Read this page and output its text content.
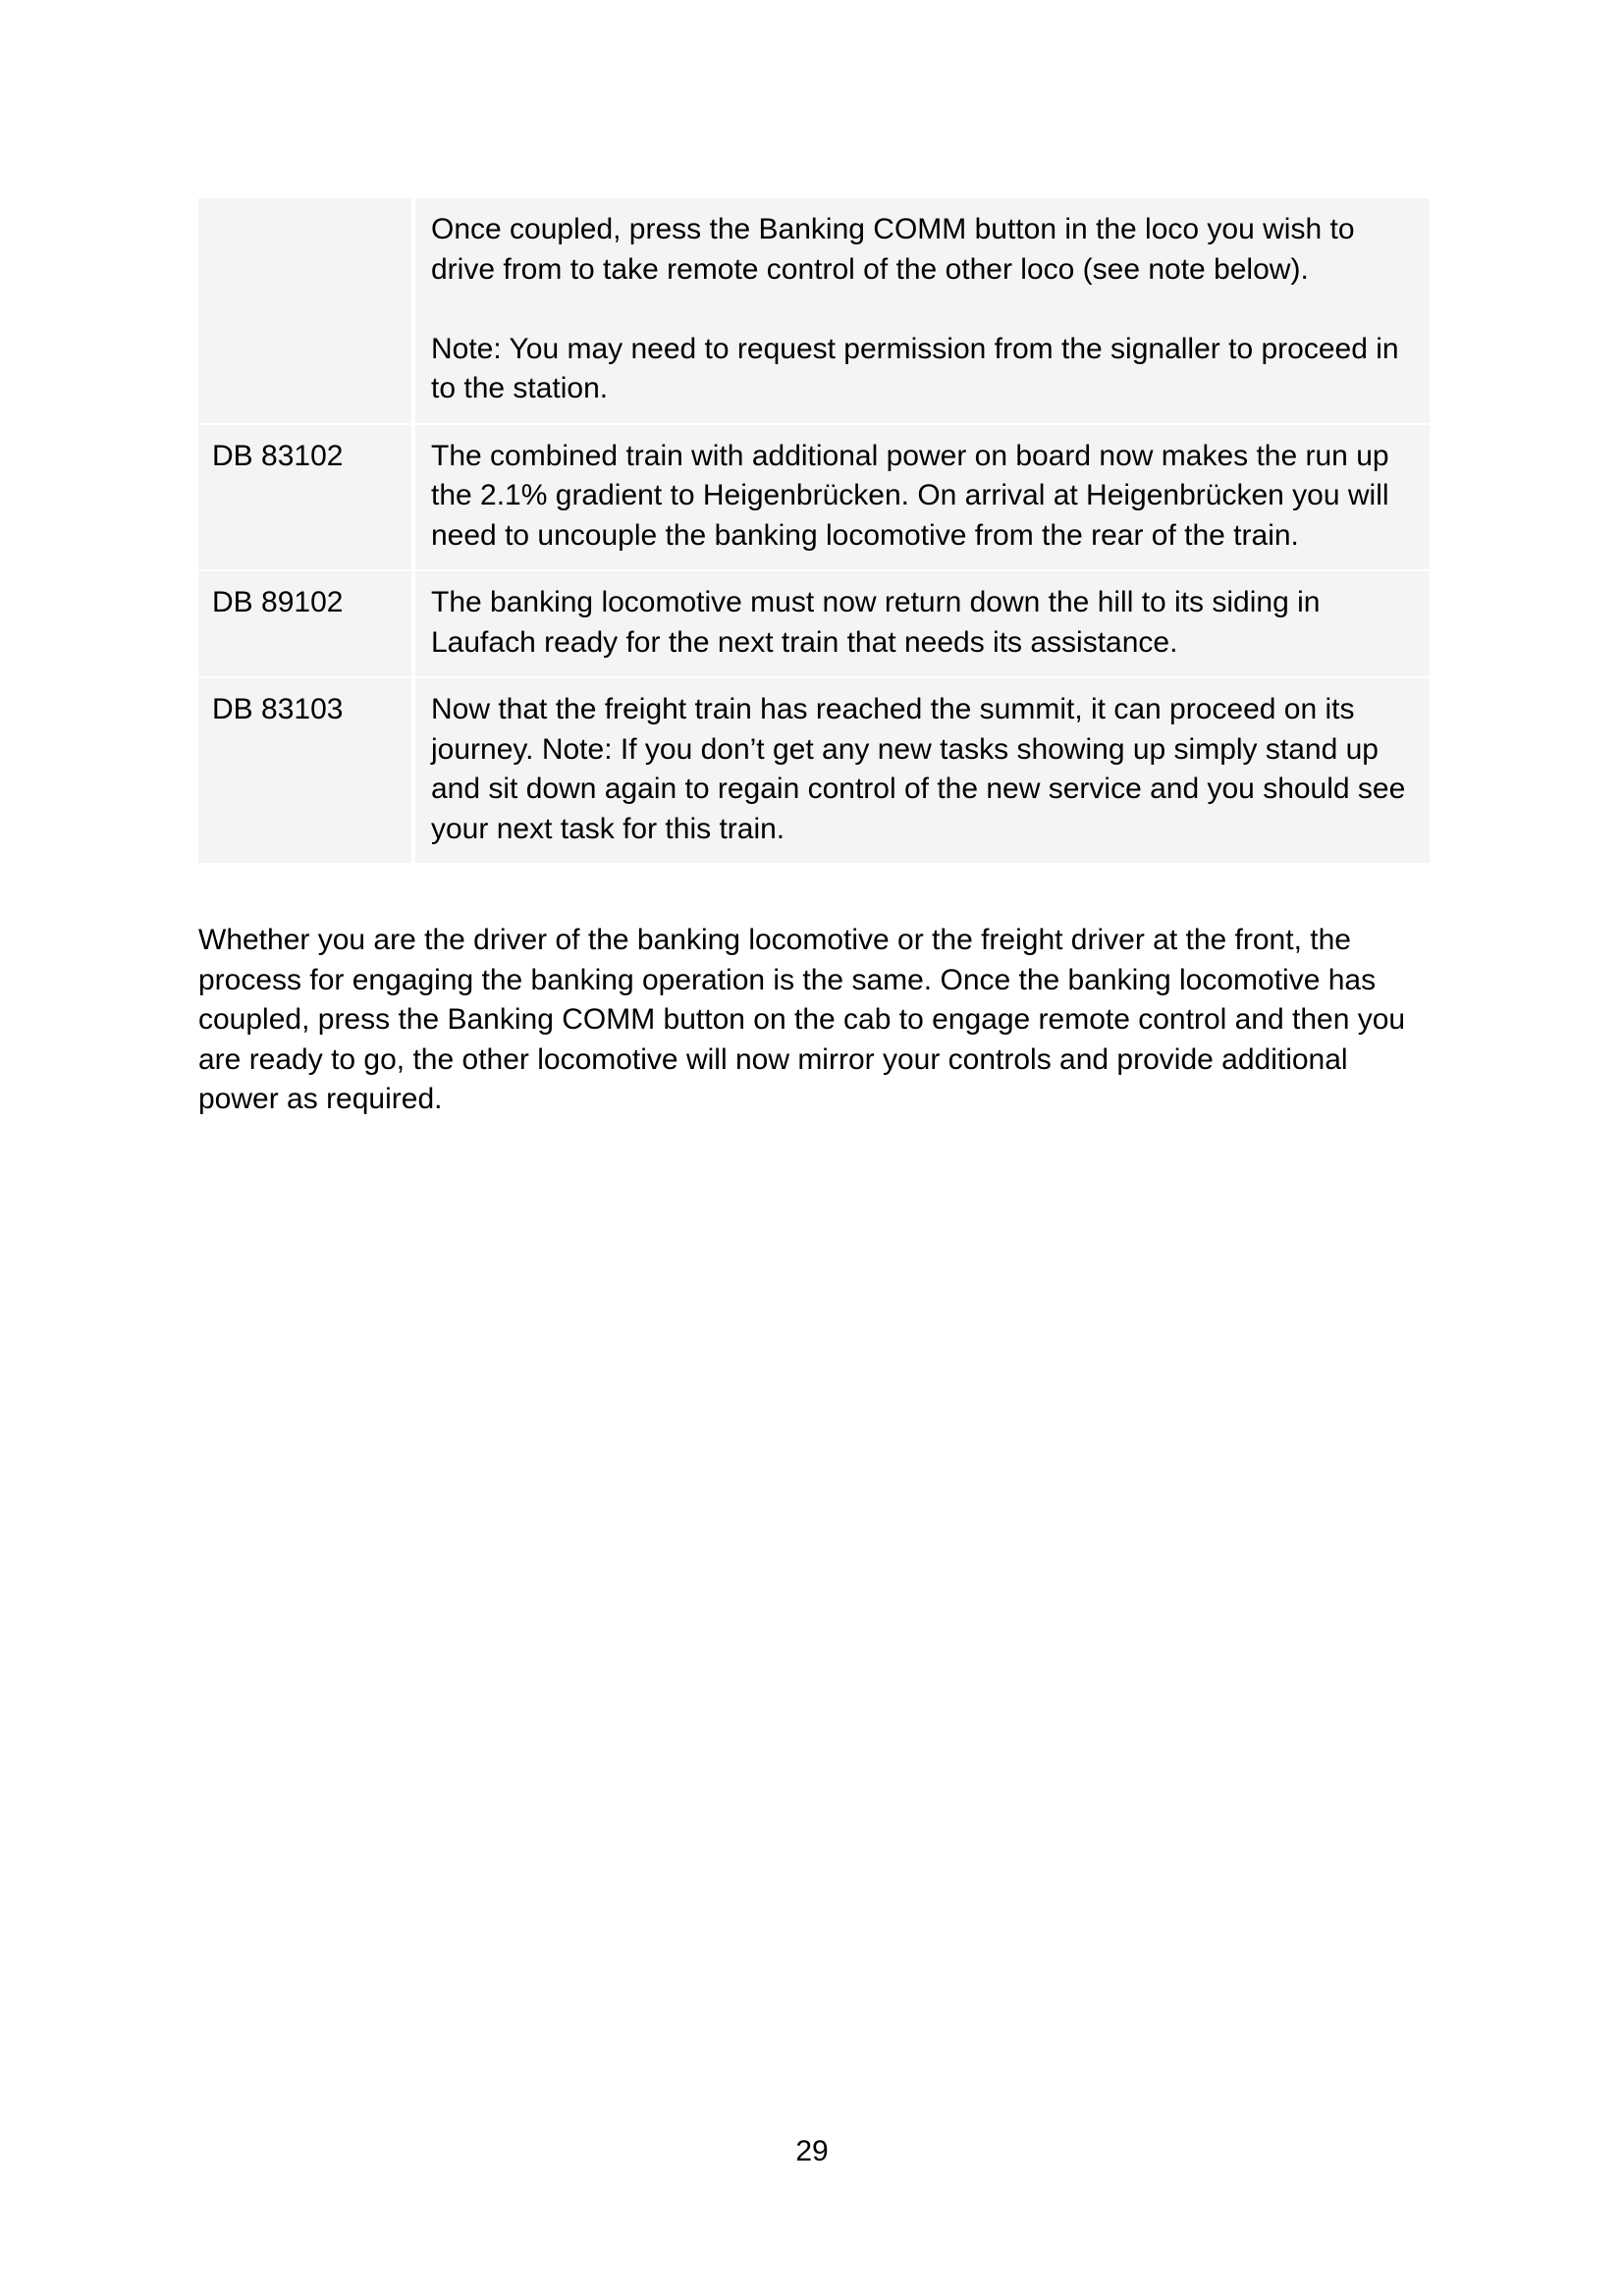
	Once coupled, press the Banking COMM button in the loco you wish to drive from to take remote control of the other loco (see note below).

Note: You may need to request permission from the signaller to proceed in to the station.

DB 83102	The combined train with additional power on board now makes the run up the 2.1% gradient to Heigenbrücken. On arrival at Heigenbrücken you will need to uncouple the banking locomotive from the rear of the train.

DB 89102	The banking locomotive must now return down the hill to its siding in Laufach ready for the next train that needs its assistance.

DB 83103	Now that the freight train has reached the summit, it can proceed on its journey. Note: If you don’t get any new tasks showing up simply stand up and sit down again to regain control of the new service and you should see your next task for this train.

Whether you are the driver of the banking locomotive or the freight driver at the front, the process for engaging the banking operation is the same. Once the banking locomotive has coupled, press the Banking COMM button on the cab to engage remote control and then you are ready to go, the other locomotive will now mirror your controls and provide additional power as required.

29
